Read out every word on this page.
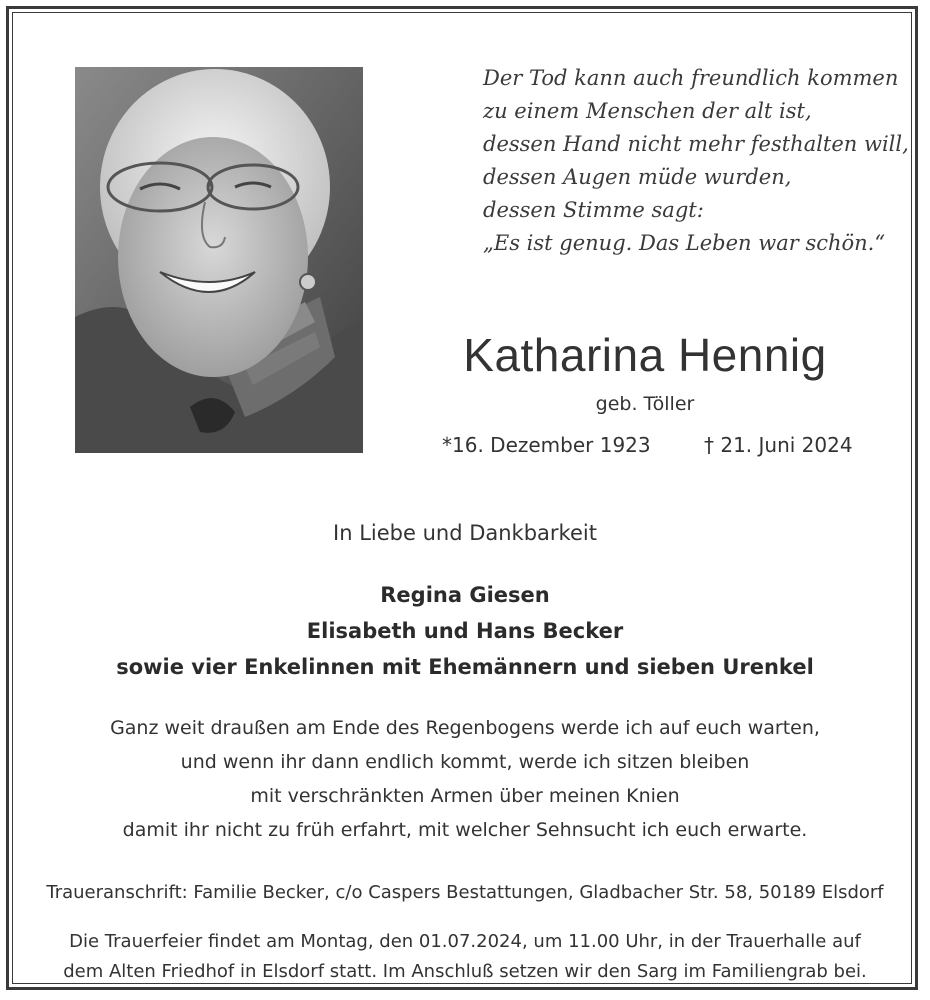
Der Tod kann auch freundlich kommen
zu einem Menschen der alt ist,
dessen Hand nicht mehr festhalten will,
dessen Augen müde wurden,
dessen Stimme sagt:
„Es ist genug. Das Leben war schön.“
Katharina Hennig
geb. Töller
*16. Dezember 1923	† 21. Juni 2024
In Liebe und Dankbarkeit
Regina Giesen
Elisabeth und Hans Becker
sowie vier Enkelinnen mit Ehemännern und sieben Urenkel
Ganz weit draußen am Ende des Regenbogens werde ich auf euch warten,
und wenn ihr dann endlich kommt, werde ich sitzen bleiben
mit verschränkten Armen über meinen Knien
damit ihr nicht zu früh erfahrt, mit welcher Sehnsucht ich euch erwarte.
Traueranschrift: Familie Becker, c/o Caspers Bestattungen, Gladbacher Str. 58, 50189 Elsdorf
Die Trauerfeier findet am Montag, den 01.07.2024, um 11.00 Uhr, in der Trauerhalle auf
dem Alten Friedhof in Elsdorf statt. Im Anschluß setzen wir den Sarg im Familiengrab bei.
